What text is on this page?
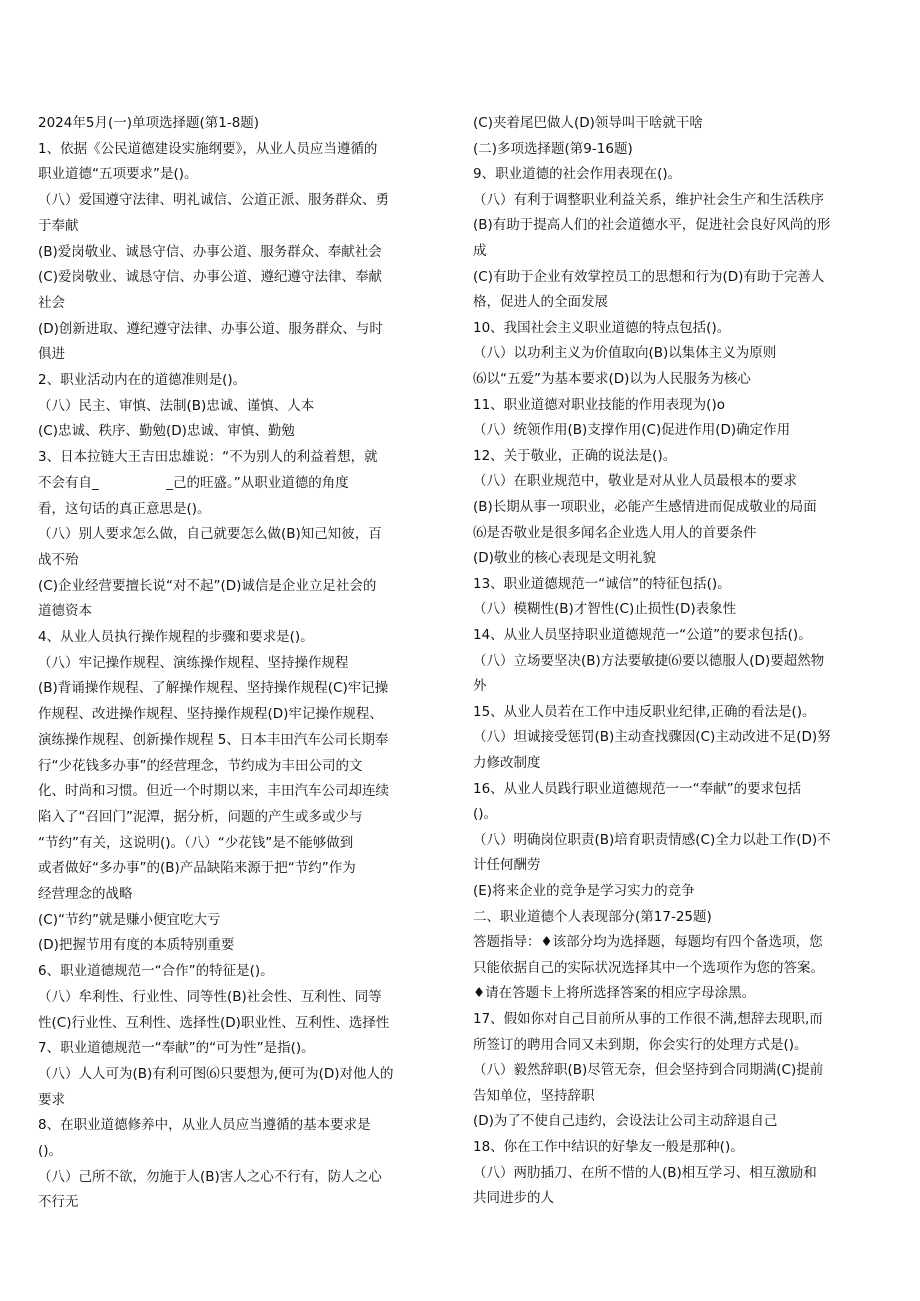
2024年5月(一)单项选择题(第1-8题)
1、依据《公民道德建设实施纲要》，从业人员应当遵循的
职业道德“五项要求”是()。
（八）爱国遵守法律、明礼诚信、公道正派、服务群众、勇
于奉献
(B)爱岗敬业、诚恳守信、办事公道、服务群众、奉献社会
(C)爱岗敬业、诚恳守信、办事公道、遵纪遵守法律、奉献
社会
(D)创新进取、遵纪遵守法律、办事公道、服务群众、与时
俱进
2、职业活动内在的道德准则是()。
（八）民主、审慎、法制(B)忠诚、谨慎、人本
(C)忠诚、秩序、勤勉(D)忠诚、审慎、勤勉
3、日本拉链大王吉田忠雄说：“不为别人的利益着想，就
不会有自_　　　　　_己的旺盛。”从职业道德的角度
看，这句话的真正意思是()。
（八）别人要求怎么做，自己就要怎么做(B)知己知彼，百
战不殆
(C)企业经营要擅长说“对不起”(D)诚信是企业立足社会的
道德资本
4、从业人员执行操作规程的步骤和要求是()。
（八）牢记操作规程、演练操作规程、坚持操作规程
(B)背诵操作规程、了解操作规程、坚持操作规程(C)牢记操
作规程、改进操作规程、坚持操作规程(D)牢记操作规程、
演练操作规程、创新操作规程 5、日本丰田汽车公司长期奉
行“少花钱多办事”的经营理念，节约成为丰田公司的文
化、时尚和习惯。但近一个时期以来，丰田汽车公司却连续
陷入了“召回门”泥潭，据分析，问题的产生或多或少与
“节约”有关，这说明()。（八）“少花钱”是不能够做到
或者做好“多办事”的(B)产品缺陷来源于把“节约”作为
经营理念的战略
(C)“节约”就是赚小便宜吃大亏
(D)把握节用有度的本质特别重要
6、职业道德规范一“合作”的特征是()。
（八）牟利性、行业性、同等性(B)社会性、互利性、同等
性(C)行业性、互利性、选择性(D)职业性、互利性、选择性
7、职业道德规范一“奉献”的“可为性”是指()。
（八）人人可为(B)有利可图⑹只要想为,便可为(D)对他人的
要求
8、在职业道德修养中，从业人员应当遵循的基本要求是
()。
（八）己所不欲，勿施于人(B)害人之心不行有，防人之心
不行无
(C)夹着尾巴做人(D)领导叫干啥就干啥
(二)多项选择题(第9-16题)
9、职业道德的社会作用表现在()。
（八）有利于调整职业利益关系，维护社会生产和生活秩序
(B)有助于提高人们的社会道德水平，促进社会良好风尚的形
成
(C)有助于企业有效掌控员工的思想和行为(D)有助于完善人
格，促进人的全面发展
10、我国社会主义职业道德的特点包括()。
（八）以功利主义为价值取向(B)以集体主义为原则
⑹以“五爱”为基本要求(D)以为人民服务为核心
11、职业道德对职业技能的作用表现为()o
（八）统领作用(B)支撑作用(C)促进作用(D)确定作用
12、关于敬业，正确的说法是()。
（八）在职业规范中，敬业是对从业人员最根本的要求
(B)长期从事一项职业，必能产生感情进而促成敬业的局面
⑹是否敬业是很多闻名企业选人用人的首要条件
(D)敬业的核心表现是文明礼貌
13、职业道德规范一“诚信”的特征包括()。
（八）模糊性(B)才智性(C)止损性(D)表象性
14、从业人员坚持职业道德规范一“公道”的要求包括()。
（八）立场要坚决(B)方法要敏捷⑹要以德服人(D)要超然物
外
15、从业人员若在工作中违反职业纪律,正确的看法是()。
（八）坦诚接受惩罚(B)主动查找骤因(C)主动改进不足(D)努
力修改制度
16、从业人员践行职业道德规范一一“奉献”的要求包括
()。
（八）明确岗位职责(B)培育职责情感(C)全力以赴工作(D)不
计任何酬劳
(E)将来企业的竞争是学习实力的竞争
二、职业道德个人表现部分(第17-25题)
答题指导：♦该部分均为选择题，每题均有四个备选项，您
只能依据自己的实际状况选择其中一个选项作为您的答案。
♦请在答题卡上将所选择答案的相应字母涂黑。
17、假如你对自己目前所从事的工作很不满,想辞去现职,而
所签订的聘用合同又未到期，你会实行的处理方式是()。
（八）毅然辞职(B)尽管无奈，但会坚持到合同期满(C)提前
告知单位，坚持辞职
(D)为了不使自己违约，会设法让公司主动辞退自己
18、你在工作中结识的好挚友一般是那种()。
（八）两肋插刀、在所不惜的人(B)相互学习、相互激励和
共同进步的人
